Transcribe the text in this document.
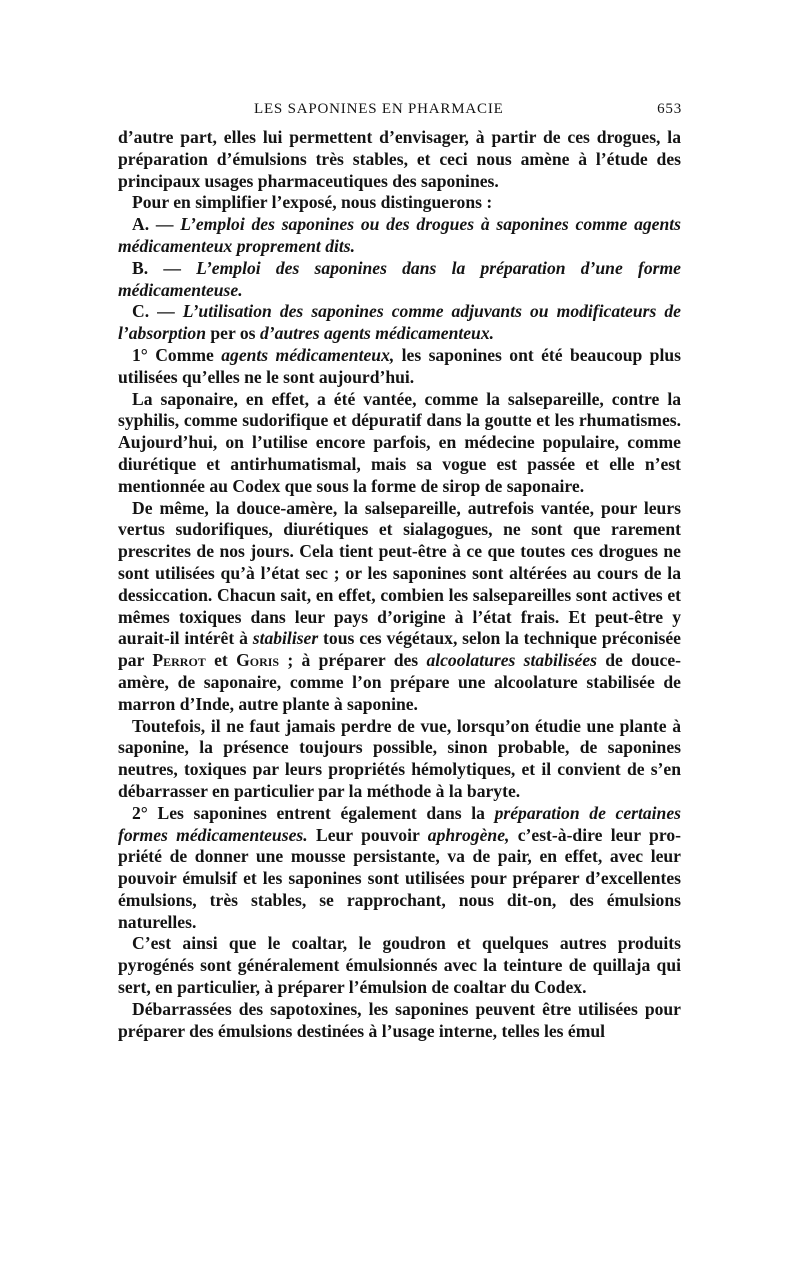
LES SAPONINES EN PHARMACIE	653

d’autre part, elles lui permettent d’envisager, à partir de ces drogues, la préparation d’émulsions très stables, et ceci nous amène à l’étude des principaux usages pharmaceutiques des saponines.

Pour en simplifier l’exposé, nous distinguerons :

A. — L’emploi des saponines ou des drogues à saponines comme agents médicamenteux proprement dits.

B. — L’emploi des saponines dans la préparation d’une forme médicamenteuse.

C. — L’utilisation des saponines comme adjuvants ou modificateurs de l’absorption per os d’autres agents médicamenteux.

1° Comme agents médicamenteux, les saponines ont été beaucoup plus utilisées qu’elles ne le sont aujourd’hui.

La saponaire, en effet, a été vantée, comme la salsepareille, contre la syphilis, comme sudorifique et dépuratif dans la goutte et les rhumatismes. Aujourd’hui, on l’utilise encore parfois, en médecine populaire, comme diurétique et antirhumatismal, mais sa vogue est passée et elle n’est mentionnée au Codex que sous la forme de sirop de saponaire.

De même, la douce-amère, la salsepareille, autrefois vantée, pour leurs vertus sudorifiques, diurétiques et sialagogues, ne sont que rarement prescrites de nos jours. Cela tient peut-être à ce que toutes ces drogues ne sont utilisées qu’à l’état sec ; or les saponines sont altérées au cours de la dessiccation. Chacun sait, en effet, combien les salsepareilles sont actives et mêmes toxiques dans leur pays d’origine à l’état frais. Et peut-être y aurait-il intérêt à stabiliser tous ces végétaux, selon la technique préconisée par Perrot et Goris ; à préparer des alcoolatures stabilisées de douce-amère, de saponaire, comme l’on prépare une alcoolature stabilisée de marron d’Inde, autre plante à saponine.

Toutefois, il ne faut jamais perdre de vue, lorsqu’on étudie une plante à saponine, la présence toujours possible, sinon probable, de saponines neutres, toxiques par leurs propriétés hémolytiques, et il convient de s’en débarrasser en particulier par la méthode à la baryte.

2° Les saponines entrent également dans la préparation de certaines formes médicamenteuses. Leur pouvoir aphrogène, c’est-à-dire leur propriété de donner une mousse persistante, va de pair, en effet, avec leur pouvoir émulsif et les saponines sont utilisées pour préparer d’excellentes émulsions, très stables, se rapprochant, nous dit-on, des émulsions naturelles.

C’est ainsi que le coaltar, le goudron et quelques autres produits pyrogénés sont généralement émulsionnés avec la teinture de quillaja qui sert, en particulier, à préparer l’émulsion de coaltar du Codex.

Débarrassées des sapotoxines, les saponines peuvent être utilisées pour préparer des émulsions destinées à l’usage interne, telles les émul
